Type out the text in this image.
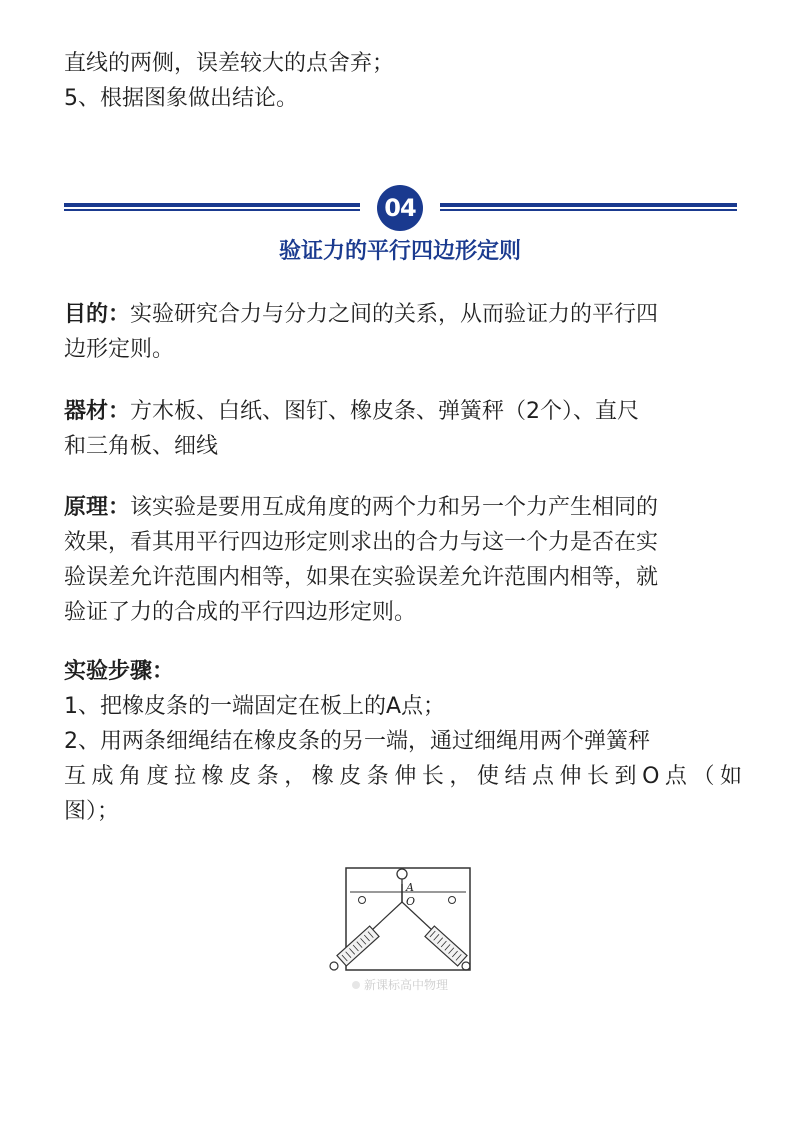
直线的两侧，误差较大的点舍弃；
5、根据图象做出结论。
04
验证力的平行四边形定则
目的：实验研究合力与分力之间的关系，从而验证力的平行四
边形定则。
器材：方木板、白纸、图钉、橡皮条、弹簧秤（2个）、直尺
和三角板、细线
原理：该实验是要用互成角度的两个力和另一个力产生相同的
效果，看其用平行四边形定则求出的合力与这一个力是否在实
验误差允许范围内相等，如果在实验误差允许范围内相等，就
验证了力的合成的平行四边形定则。
实验步骤：
1、把橡皮条的一端固定在板上的A点；
2、用两条细绳结在橡皮条的另一端，通过细绳用两个弹簧秤
互成角度拉橡皮条，橡皮条伸长，使结点伸长到O点（如
图）；
A
O
新课标高中物理
